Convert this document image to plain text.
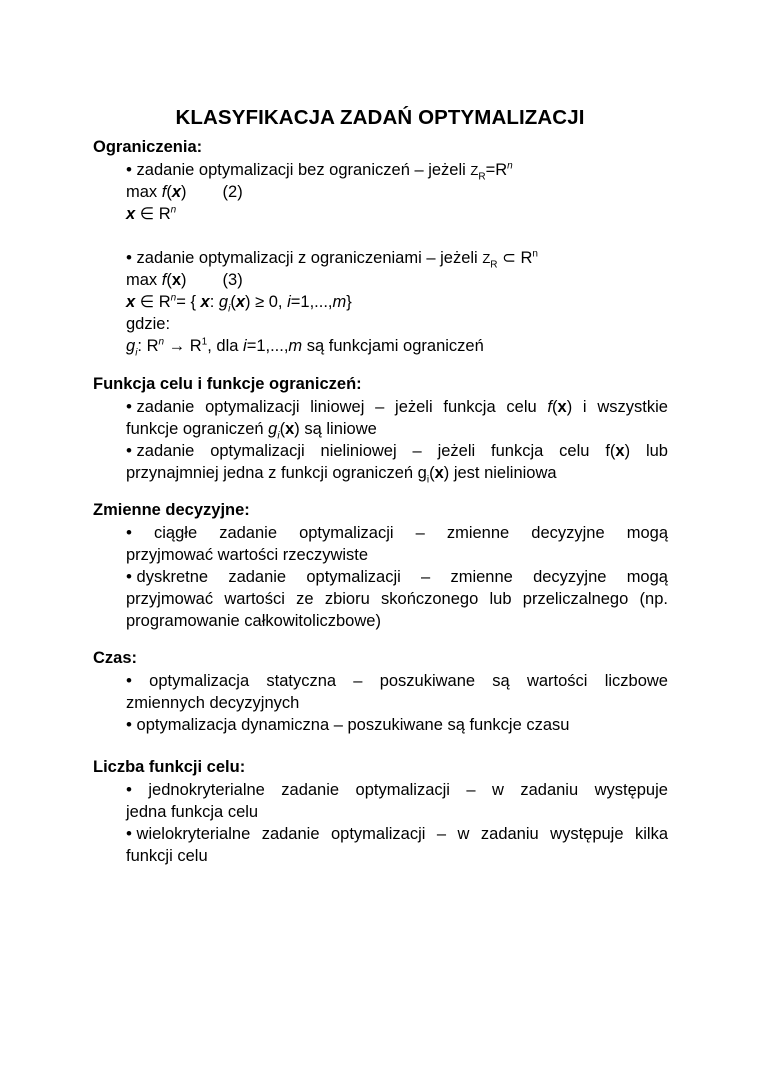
KLASYFIKACJA ZADAŃ OPTYMALIZACJI
Ograniczenia:
• zadanie optymalizacji bez ograniczeń – jeżeli $Z_R=R^n$
max f(x) (2)
x ∈ $R^n$
• zadanie optymalizacji z ograniczeniami – jeżeli $Z_R$ ⊂ $R^n$
max f(x) (3)
x ∈ $R^n=$ { x: $g_i(x) \ge 0$, i=1,...,m}
gdzie:
$g_i$: $R^n \to R^1$, dla i=1,...,m są funkcjami ograniczeń
Funkcja celu i funkcje ograniczeń:
• zadanie optymalizacji liniowej – jeżeli funkcja celu f(x) i wszystkie
funkcje ograniczeń $g_i(x)$ są liniowe
• zadanie optymalizacji nieliniowej – jeżeli funkcja celu f(x) lub
przynajmniej jedna z funkcji ograniczeń $g_i(x)$ jest nieliniowa
Zmienne decyzyjne:
• ciągłe zadanie optymalizacji – zmienne decyzyjne mogą
przyjmować wartości rzeczywiste
• dyskretne zadanie optymalizacji – zmienne decyzyjne mogą
przyjmować wartości ze zbioru skończonego lub przeliczalnego (np.
programowanie całkowitoliczbowe)
Czas:
• optymalizacja statyczna – poszukiwane są wartości liczbowe
zmiennych decyzyjnych
• optymalizacja dynamiczna – poszukiwane są funkcje czasu
Liczba funkcji celu:
• jednokryterialne zadanie optymalizacji – w zadaniu występuje
jedna funkcja celu
• wielokryterialne zadanie optymalizacji – w zadaniu występuje kilka
funkcji celu
